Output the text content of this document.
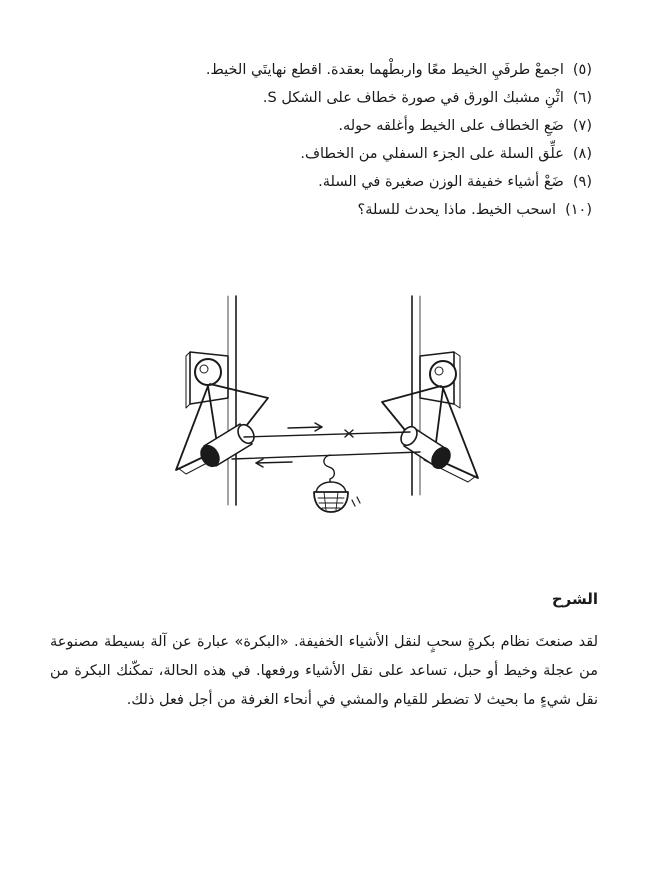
(٥)
اجمعْ طرفَيِ الخيط معًا واربطْهما بعقدة. اقطع نهايتَي الخيط.
(٦)
اثْنِ مشبك الورق في صورة خطاف على الشكل S.
(٧)
ضَعِ الخطاف على الخيط وأغلقه حوله.
(٨)
علِّق السلة على الجزء السفلي من الخطاف.
(٩)
ضَعْ أشياء خفيفة الوزن صغيرة في السلة.
(١٠)
اسحب الخيط. ماذا يحدث للسلة؟
الشرح

لقد صنعتَ نظام بكرةٍ سحبٍ لنقل الأشياء الخفيفة. «البكرة» عبارة عن آلة بسيطة مصنوعة من عجلة وخيط أو حبل، تساعد على نقل الأشياء ورفعها. في هذه الحالة، تمكّنك البكرة من نقل شيءٍ ما بحيث لا تضطر للقيام والمشي في أنحاء الغرفة من أجل فعل ذلك.
